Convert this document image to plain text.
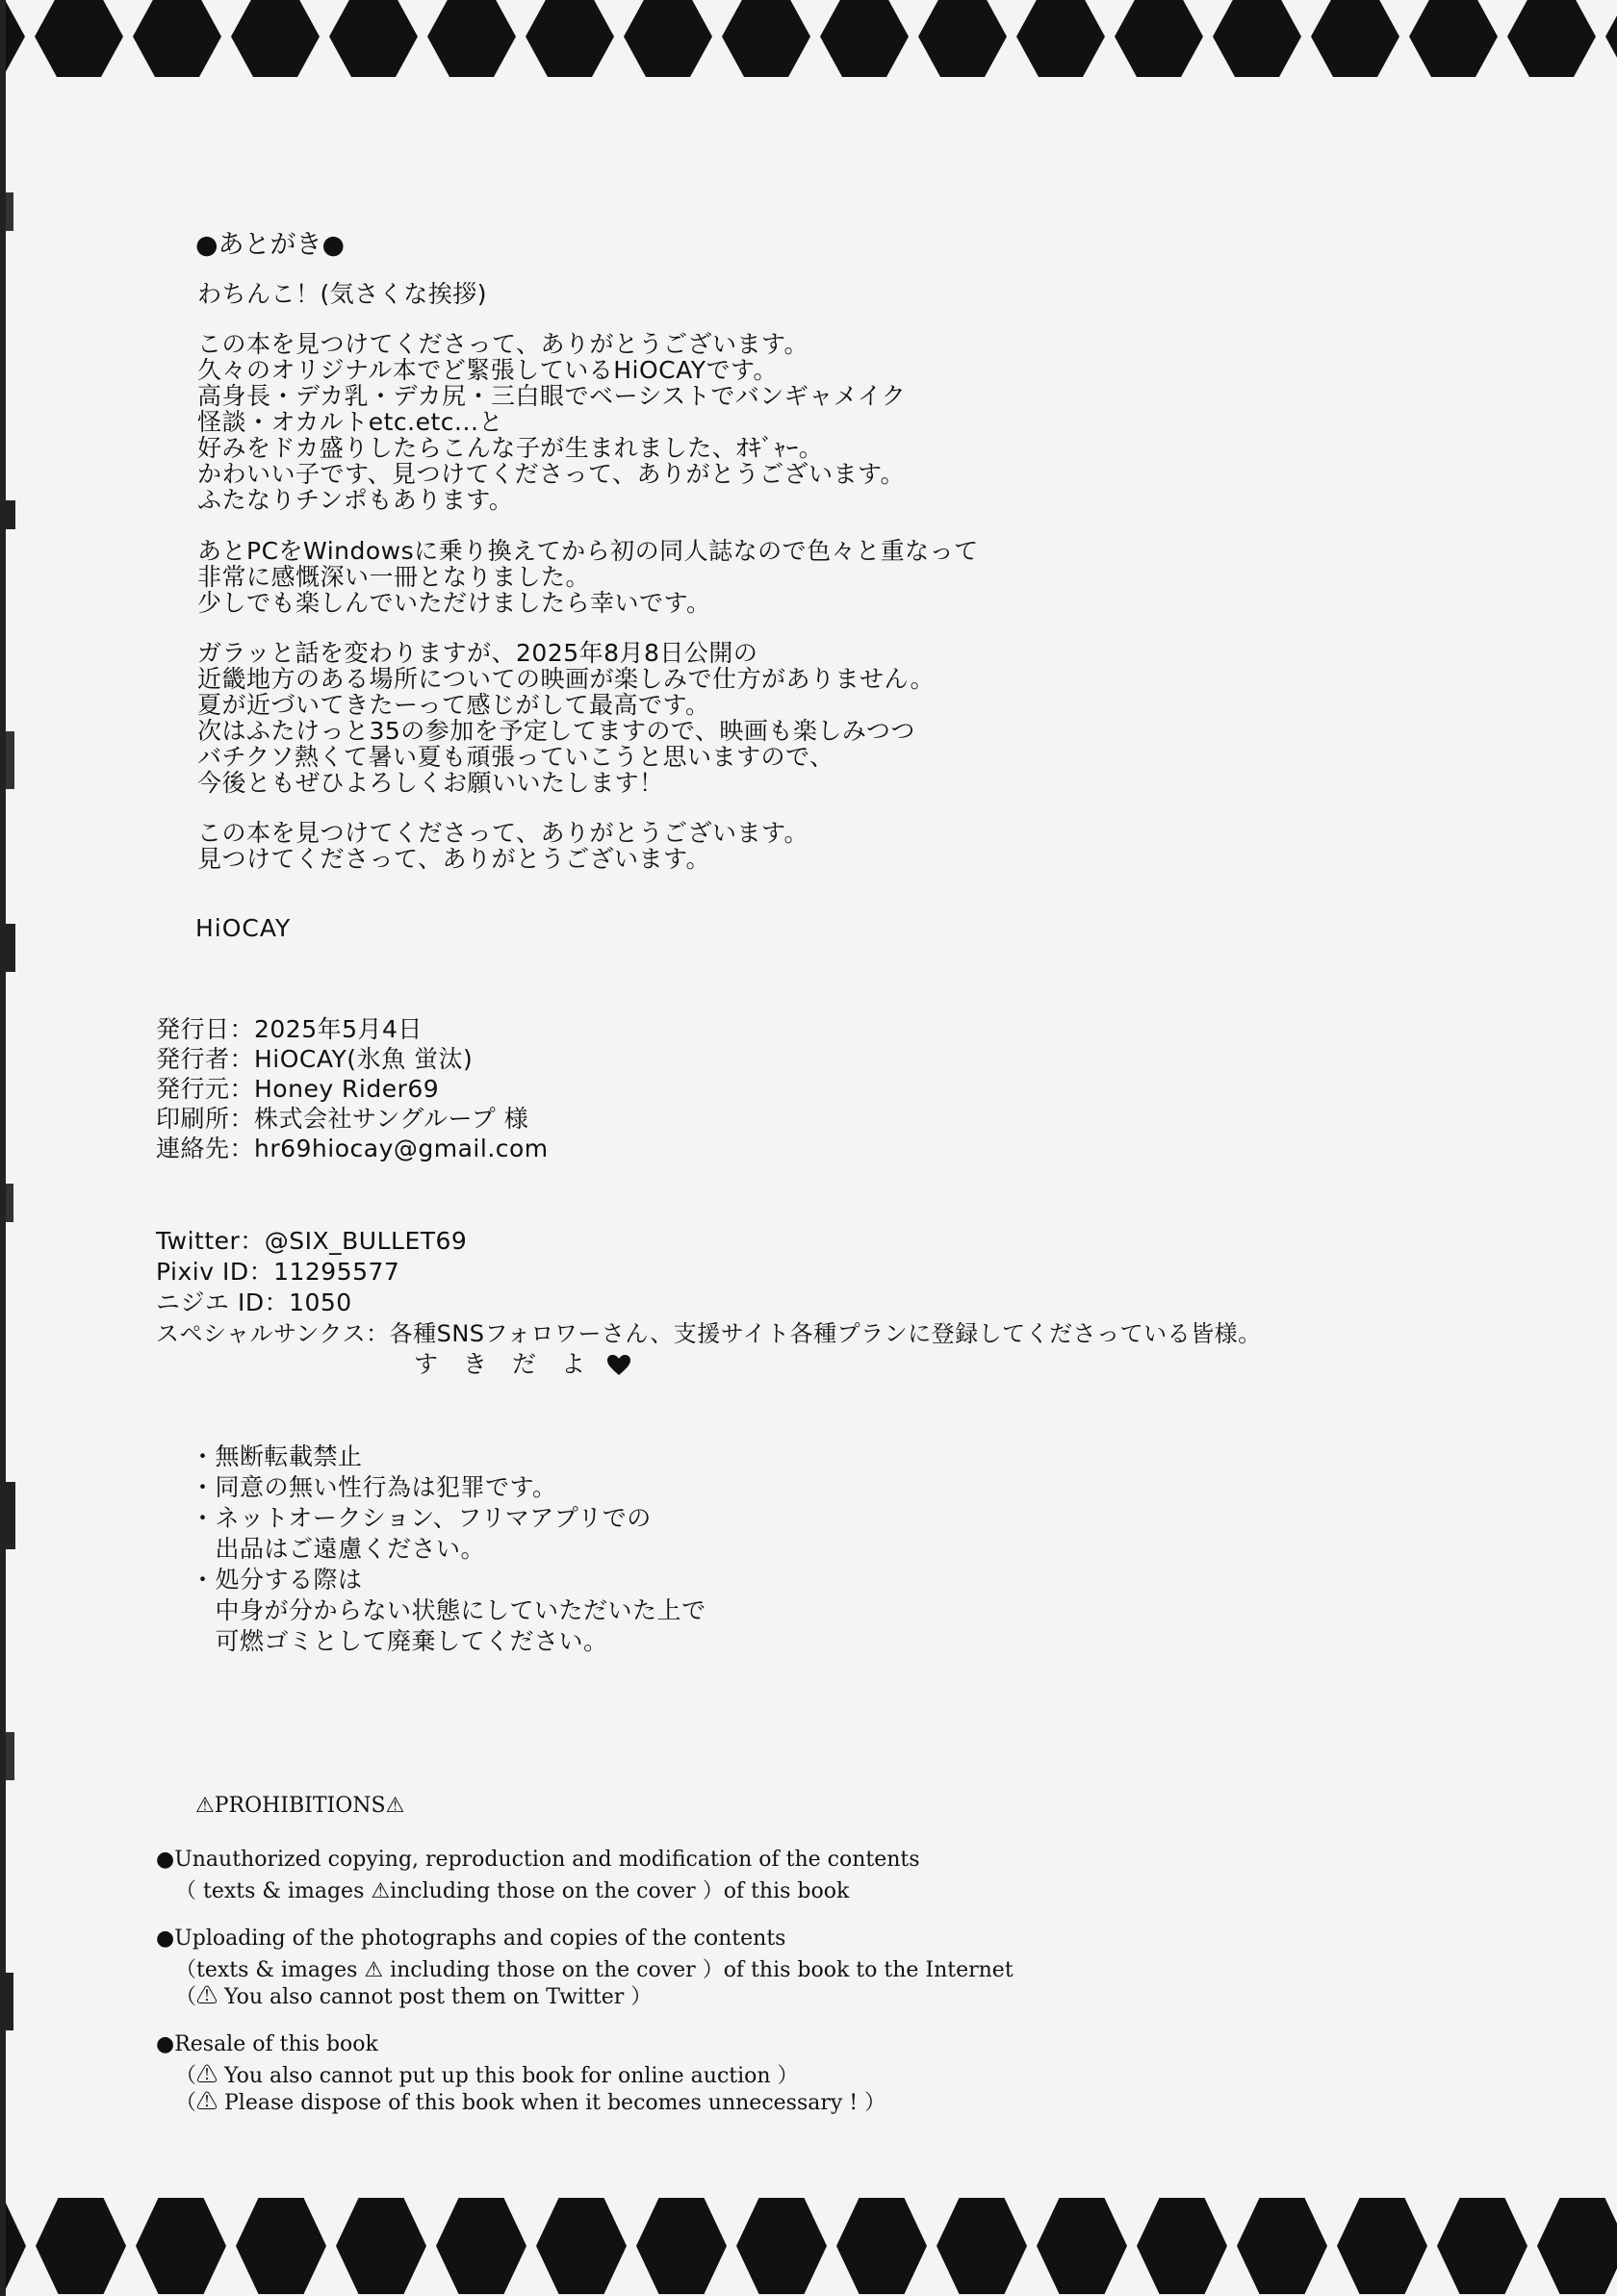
●あとがき●
わちんこ！(気さくな挨拶)
この本を見つけてくださって、ありがとうございます。
久々のオリジナル本でど緊張しているHiOCAYです。
高身長・デカ乳・デカ尻・三白眼でベーシストでバンギャメイク
怪談・オカルトetc.etc...と
好みをドカ盛りしたらこんな子が生まれました、ｵｷﾞｬｰ。
かわいい子です、見つけてくださって、ありがとうございます。
ふたなりチンポもあります。
あとPCをWindowsに乗り換えてから初の同人誌なので色々と重なって
非常に感慨深い一冊となりました。
少しでも楽しんでいただけましたら幸いです。
ガラッと話を変わりますが、2025年8月8日公開の
近畿地方のある場所についての映画が楽しみで仕方がありません。
夏が近づいてきたーって感じがして最高です。
次はふたけっと35の参加を予定してますので、映画も楽しみつつ
バチクソ熱くて暑い夏も頑張っていこうと思いますので、
今後ともぜひよろしくお願いいたします！
この本を見つけてくださって、ありがとうございます。
見つけてくださって、ありがとうございます。
HiOCAY
発行日：2025年5月4日
発行者：HiOCAY(氷魚 蛍汰)
発行元：Honey Rider69
印刷所：株式会社サングループ 様
連絡先：hr69hiocay@gmail.com
Twitter：@SIX_BULLET69
Pixiv ID：11295577
ニジエ ID：1050
スペシャルサンクス：各種SNSフォロワーさん、支援サイト各種プランに登録してくださっている皆様。
す　き　だ　よ
・無断転載禁止
・同意の無い性行為は犯罪です。
・ネットオークション、フリマアプリでの
　出品はご遠慮ください。
・処分する際は
　中身が分からない状態にしていただいた上で
　可燃ゴミとして廃棄してください。
⚠PROHIBITIONS⚠
●Unauthorized copying, reproduction and modification of the contents
（ texts & images ⚠including those on the cover ）of this book
●Uploading of the photographs and copies of the contents
（texts & images ⚠ including those on the cover ）of this book to the Internet
（⚠ You also cannot post them on Twitter ）
●Resale of this book
（⚠ You also cannot put up this book for online auction ）
（⚠ Please dispose of this book when it becomes unnecessary ! ）
